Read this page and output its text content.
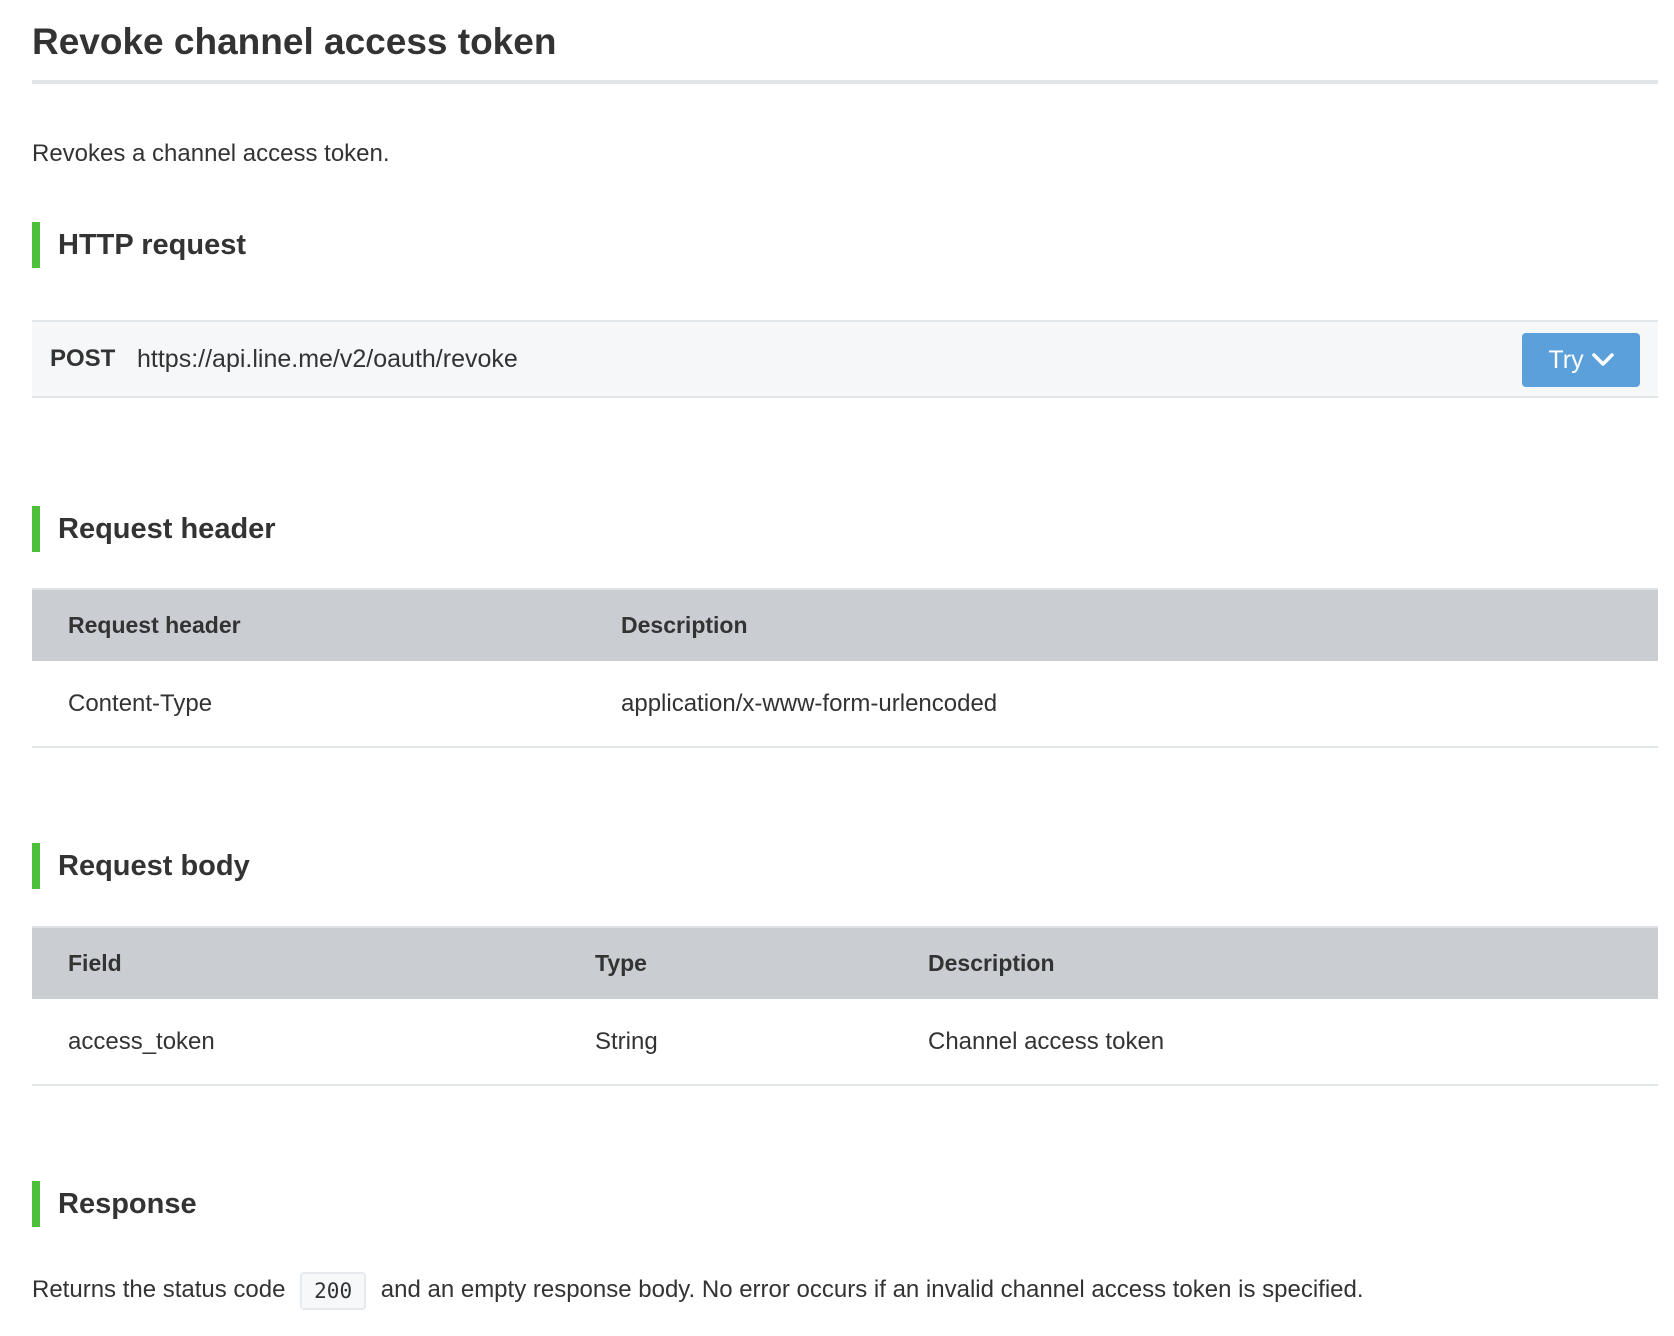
Revoke channel access token

Revokes a channel access token.

HTTP request
POST https://api.line.me/v2/oauth/revoke	Try
Request header
Request header	Description
Content-Type	application/x-www-form-urlencoded
Request body
Field	Type	Description
access_token	String	Channel access token
Response

Returns the status code 200 and an empty response body. No error occurs if an invalid channel access token is specified.
